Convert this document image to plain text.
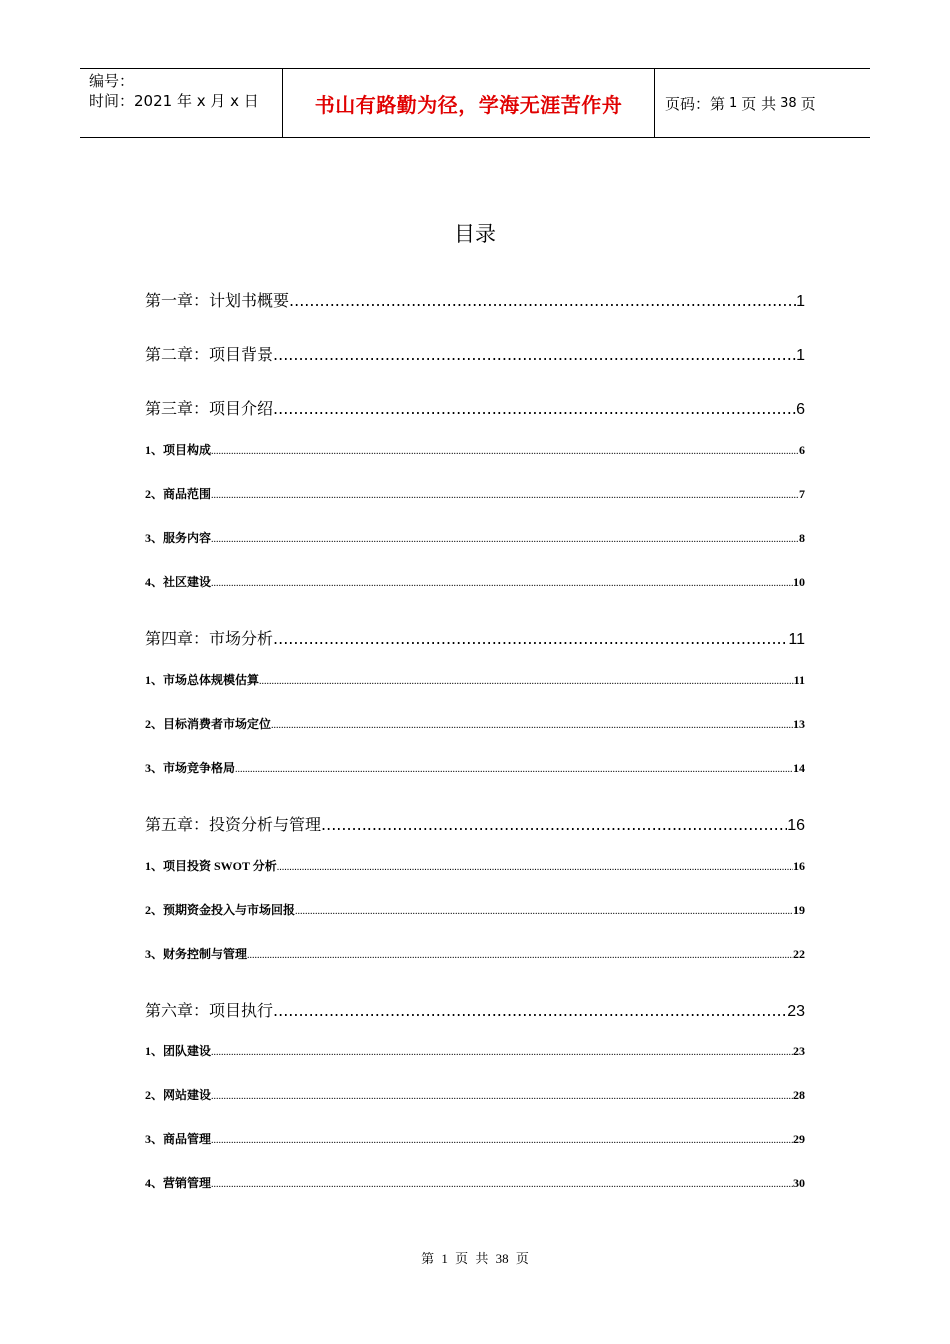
编号：
时间：2021 年 x 月 x 日	书山有路勤为径，学海无涯苦作舟	页码：第 1 页 共 38 页
目录
第一章：计划书概要 .....	1
第二章：项目背景 .....	1
第三章：项目介绍 .....	6
1、项目构成 .....	6
2、商品范围 .....	7
3、服务内容 .....	8
4、社区建设 .....	10
第四章：市场分析 .....	11
1、市场总体规模估算 .....	11
2、目标消费者市场定位 .....	13
3、市场竞争格局 .....	14
第五章：投资分析与管理 .....	16
1、项目投资 SWOT 分析 .....	16
2、预期资金投入与市场回报 .....	19
3、财务控制与管理 .....	22
第六章：项目执行 .....	23
1、团队建设 .....	23
2、网站建设 .....	28
3、商品管理 .....	29
4、营销管理 .....	30
第 1 页 共 38 页
